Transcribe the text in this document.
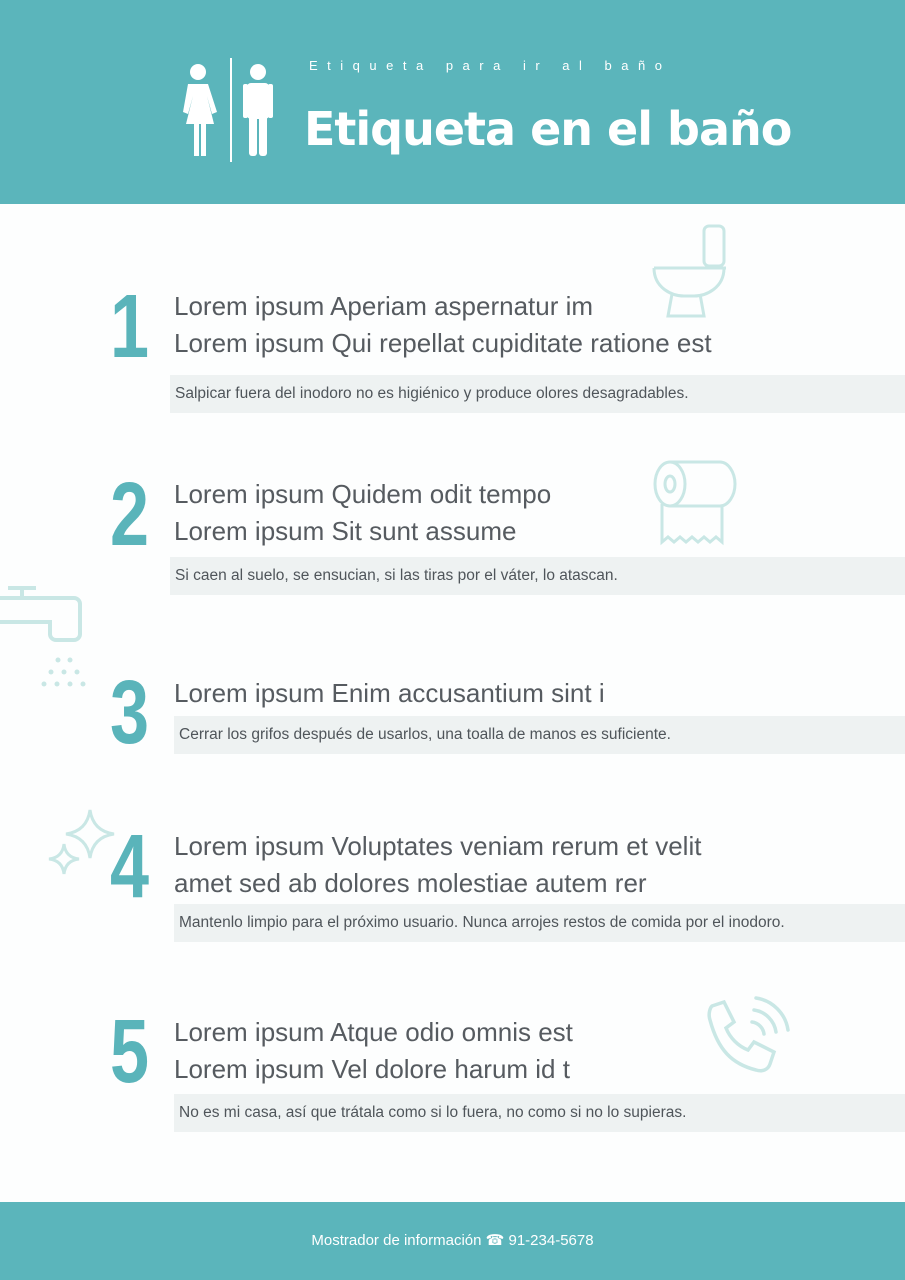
Etiqueta para ir al baño
Etiqueta en el baño
1 Lorem ipsum Aperiam aspernatur im
Lorem ipsum Qui repellat cupiditate ratione est
Salpicar fuera del inodoro no es higiénico y produce olores desagradables.
2 Lorem ipsum Quidem odit tempo
Lorem ipsum Sit sunt assume
Si caen al suelo, se ensucian, si las tiras por el váter, lo atascan.
3 Lorem ipsum Enim accusantium sint i
Cerrar los grifos después de usarlos, una toalla de manos es suficiente.
4 Lorem ipsum Voluptates veniam rerum et velit
amet sed ab dolores molestiae autem rer
Mantenlo limpio para el próximo usuario. Nunca arrojes restos de comida por el inodoro.
5 Lorem ipsum Atque odio omnis est
Lorem ipsum Vel dolore harum id t
No es mi casa, así que trátala como si lo fuera, no como si no lo supieras.
Mostrador de información ☎ 91-234-5678
